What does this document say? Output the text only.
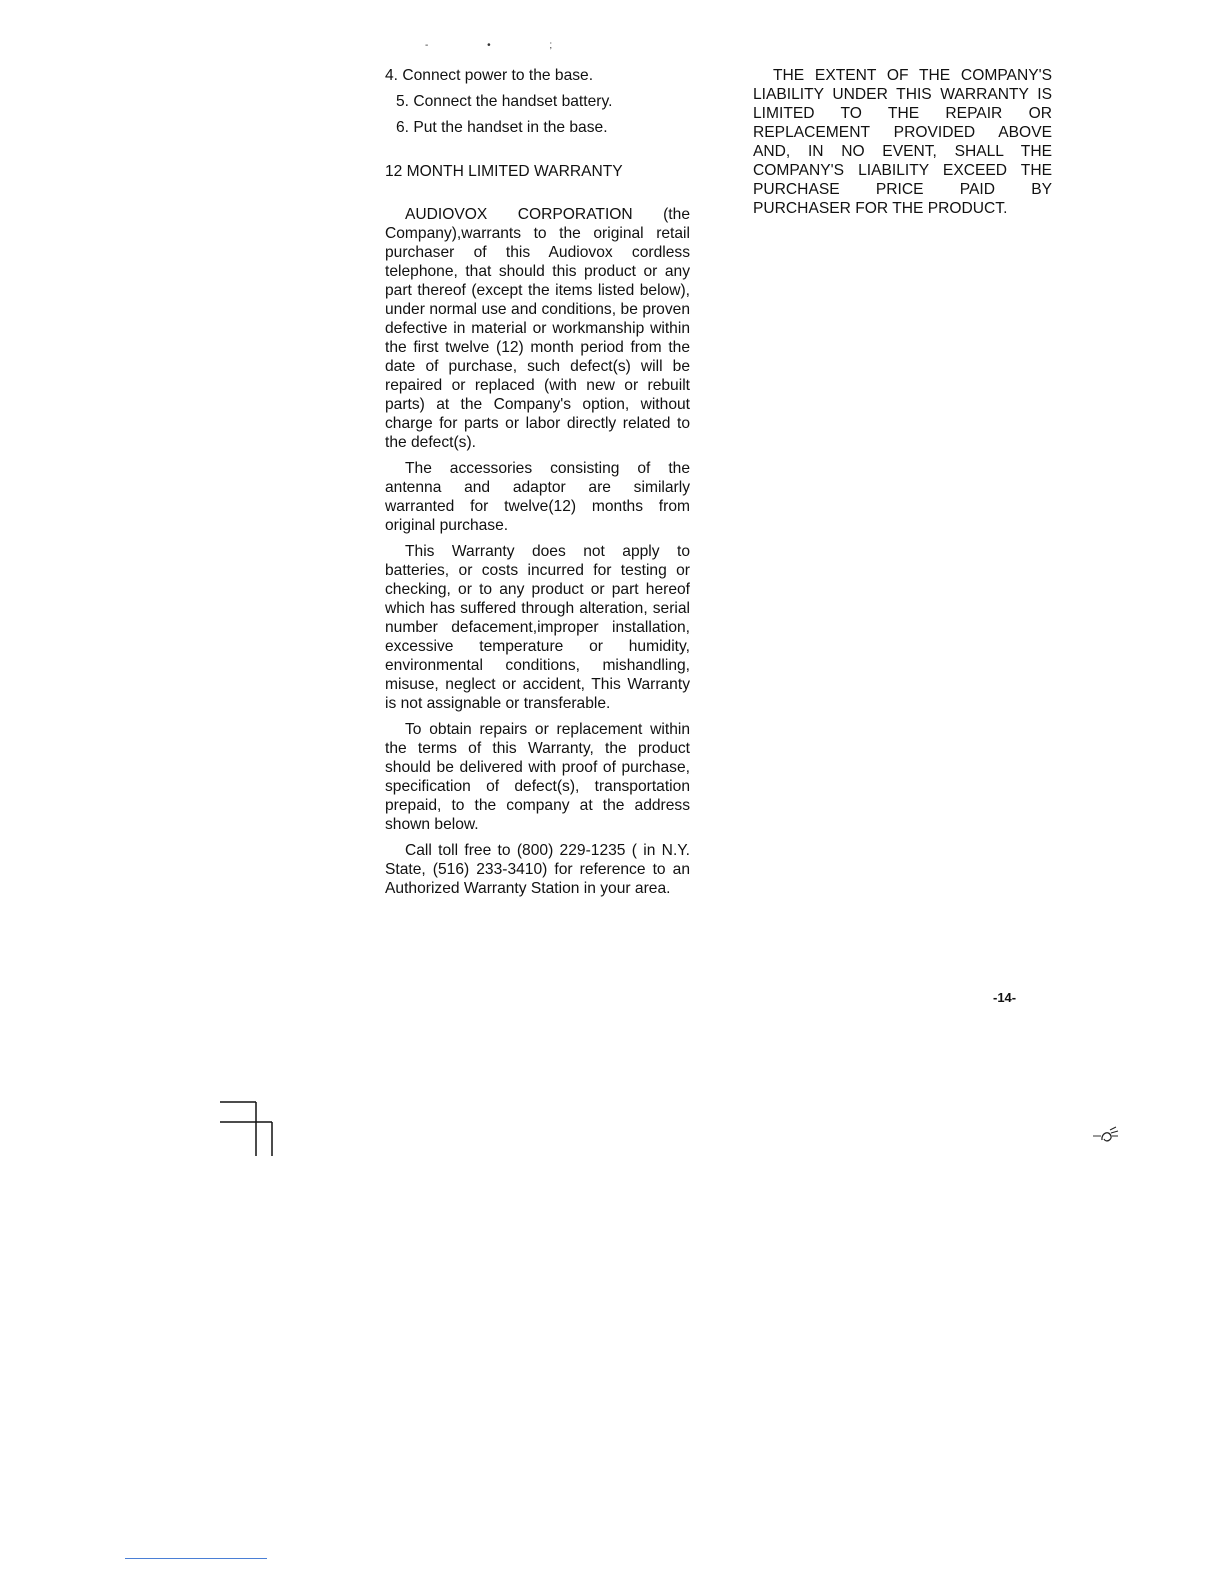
- • ;
4. Connect power to the base.
5. Connect the handset battery.
6. Put the handset in the base.
12 MONTH LIMITED WARRANTY

AUDIOVOX CORPORATION (the Company),warrants to the original retail purchaser of this Audiovox cordless telephone, that should this product or any part thereof (except the items listed below), under normal use and conditions, be proven defective in material or workmanship within the first twelve (12) month period from the date of purchase, such defect(s) will be repaired or replaced (with new or rebuilt parts) at the Company's option, without charge for parts or labor directly related to the defect(s).

The accessories consisting of the antenna and adaptor are similarly warranted for twelve(12) months from original purchase.

This Warranty does not apply to batteries, or costs incurred for testing or checking, or to any product or part hereof which has suffered through alteration, serial number defacement,improper installation, excessive temperature or humidity, environmental conditions, mishandling, misuse, neglect or accident, This Warranty is not assignable or transferable.

To obtain repairs or replacement within the terms of this Warranty, the product should be delivered with proof of purchase, specification of defect(s), transportation prepaid, to the company at the address shown below.

Call toll free to (800) 229-1235 ( in N.Y. State, (516) 233-3410) for reference to an Authorized Warranty Station in your area.

THE EXTENT OF THE COMPANY'S LIABILITY UNDER THIS WARRANTY IS LIMITED TO THE REPAIR OR REPLACEMENT PROVIDED ABOVE AND, IN NO EVENT, SHALL THE COMPANY'S LIABILITY EXCEED THE PURCHASE PRICE PAID BY PURCHASER FOR THE PRODUCT.

-14-
